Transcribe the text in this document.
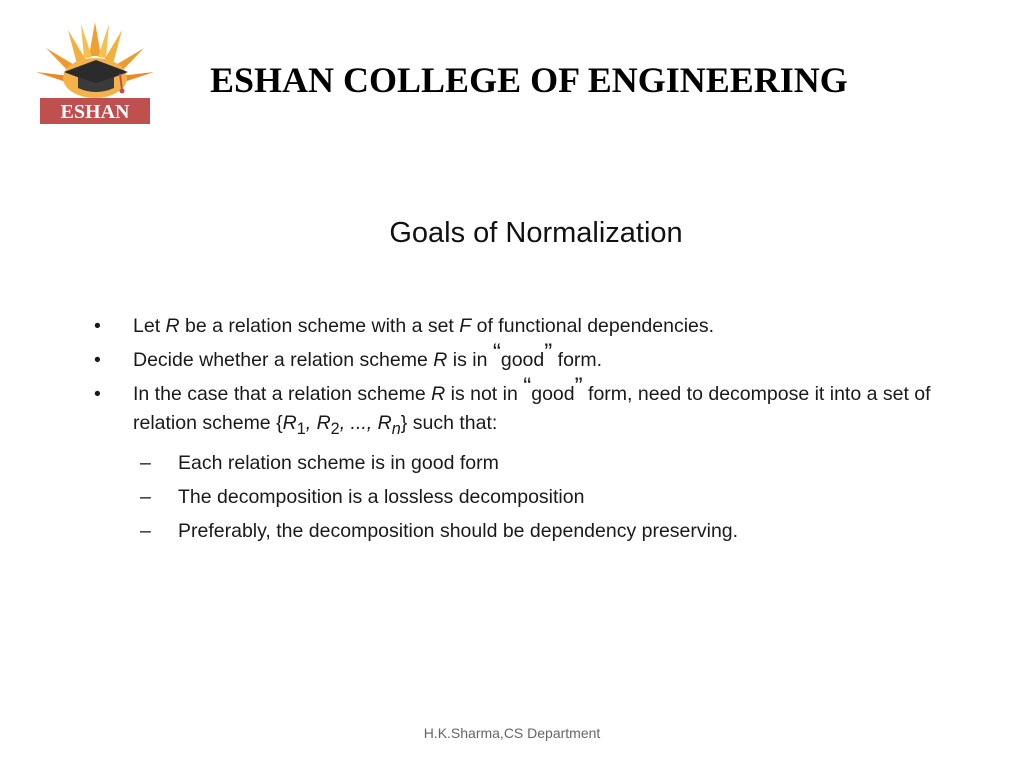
ESHAN
ESHAN COLLEGE OF ENGINEERING
Goals of Normalization
•	Let R be a relation scheme with a set F of functional dependencies.
•	Decide whether a relation scheme R is in “good” form.
•	In the case that a relation scheme R is not in “good” form, need to decompose it into a set of relation scheme {$R_1$, $R_2$, ..., $R_n$} such that:
–	Each relation scheme is in good form
–	The decomposition is a lossless decomposition
–	Preferably, the decomposition should be dependency preserving.
H.K.Sharma,CS Department
